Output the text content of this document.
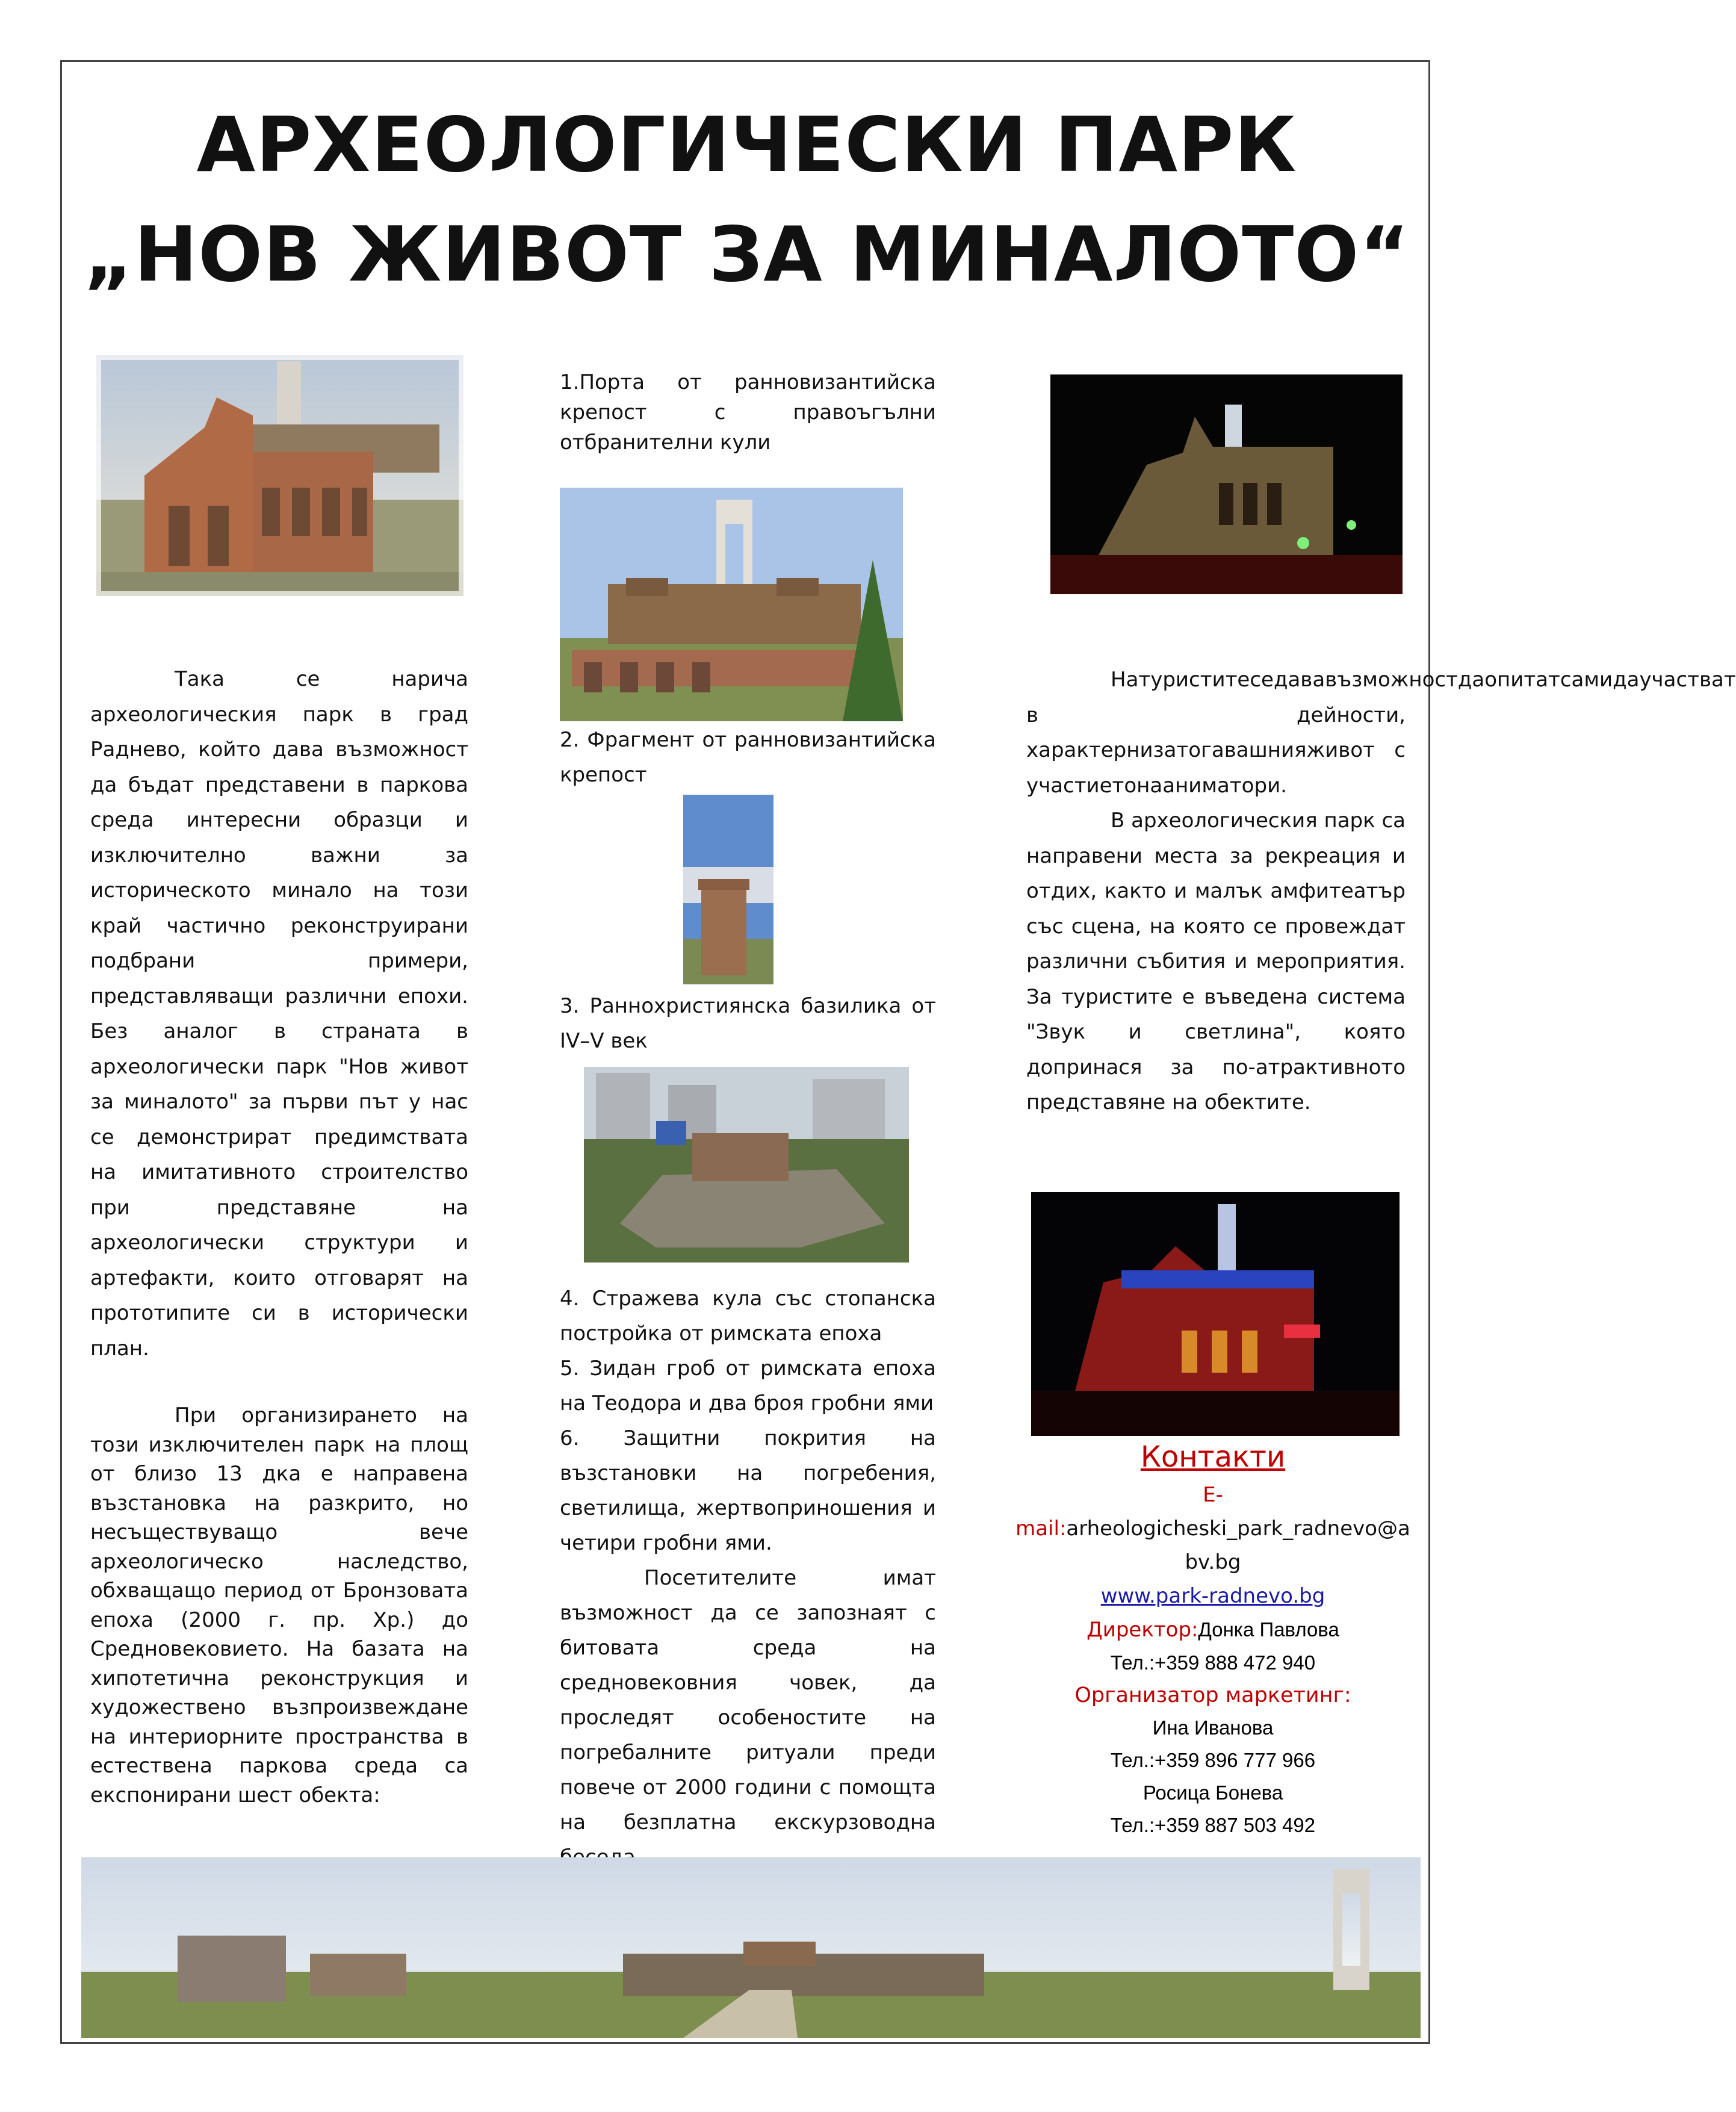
АРХЕОЛОГИЧЕСКИ ПАРК
„НОВ ЖИВОТ ЗА МИНАЛОТО“

Така се нарича археологическия парк в град Раднево, който дава възможност да бъдат представени в паркова среда интересни образци и изключително важни за историческото минало на този край частично реконструирани подбрани примери, представляващи различни епохи. Без аналог в страната в археологически парк "Нов живот за миналото" за първи път у нас се демонстрират предимствата на имитативното строителство при представяне на археологически структури и артефакти, които отговарят на прототипите си в исторически план.

При организирането на този изключителен парк на площ от близо 13 дка е направена възстановка на разкрито, но несъществуващо вече археологическо наследство, обхващащо период от Бронзовата епоха (2000 г. пр. Хр.) до Средновековието. На базата на хипотетична реконструкция и художествено възпроизвеждане на интериорните пространства в естествена паркова среда са експонирани шест обекта:

1.Порта от ранновизантийска крепост с правоъгълни отбранителни кули
2. Фрагмент от ранновизантийска крепост
3. Раннохристиянска базилика от IV–V век
4. Стражева кула със стопанска постройка от римската епоха
5. Зидан гроб от римската епоха на Теодора и два броя гробни ями
6. Защитни покрития на възстановки на погребения, светилища, жертвоприношения и четири гробни ями.

Посетителите имат възможност да се запознаят с битовата среда на средновековния човек, да проследят особеностите на погребалните ритуали преди повече от 2000 години с помощта на безплатна екскурзоводна

Натуриститеседававъзможностдаопитатсамидаучастват в дейности, характернизатогавашнияживот с участиетонааниматори.

В археологическия парк са направени места за рекреация и отдих, както и малък амфитеатър със сцена, на която се провеждат различни събития и мероприятия. За туристите е въведена система "Звук и светлина", която допринася за по-атрактивното представяне на обектите.

Контакти
E-
mail:arheologicheski_park_radnevo@abv.bg
www.park-radnevo.bg
Директор:Донка Павлова
Тел.:+359 888 472 940
Организатор маркетинг:
Ина Иванова
Тел.:+359 896 777 966
Росица Бонева
Тел.:+359 887 503 492
